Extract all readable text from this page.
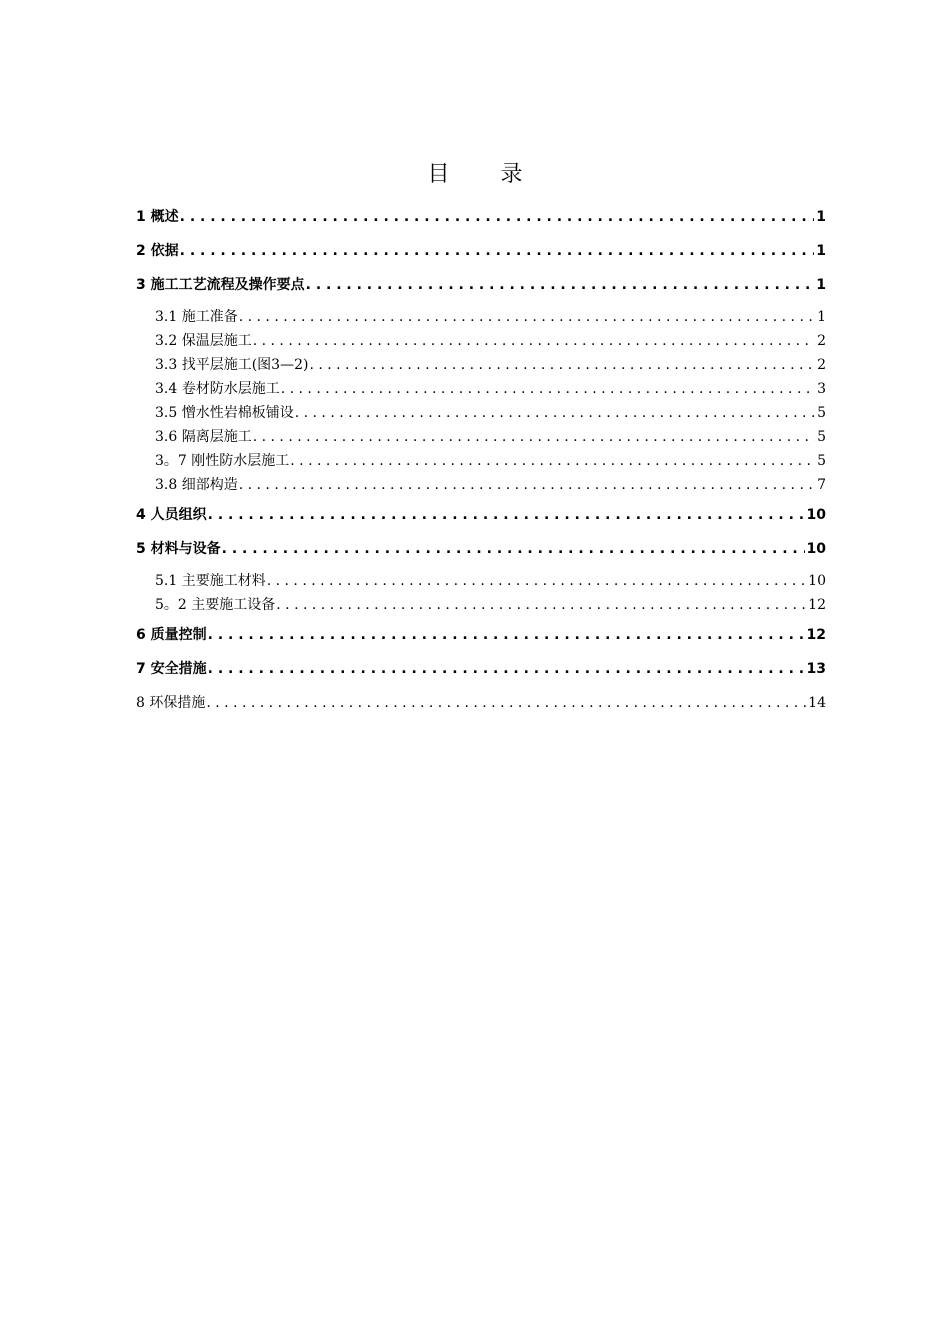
目 录
1 概述 . . .	1
2 依据 . . .	1
3 施工工艺流程及操作要点 . . .	1
3.1 施工准备 . . .	1
3.2 保温层施工 . . .	2
3.3 找平层施工(图3—2) . . .	2
3.4 卷材防水层施工 . . .	3
3.5 憎水性岩棉板铺设 . . .	5
3.6 隔离层施工 . . .	5
3。7 刚性防水层施工 . . .	5
3.8 细部构造 . . .	7
4 人员组织 . . .	10
5 材料与设备 . . .	10
5.1 主要施工材料 . . .	10
5。2 主要施工设备 . . .	12
6 质量控制 . . .	12
7 安全措施 . . .	13
8 环保措施 . . .	14
